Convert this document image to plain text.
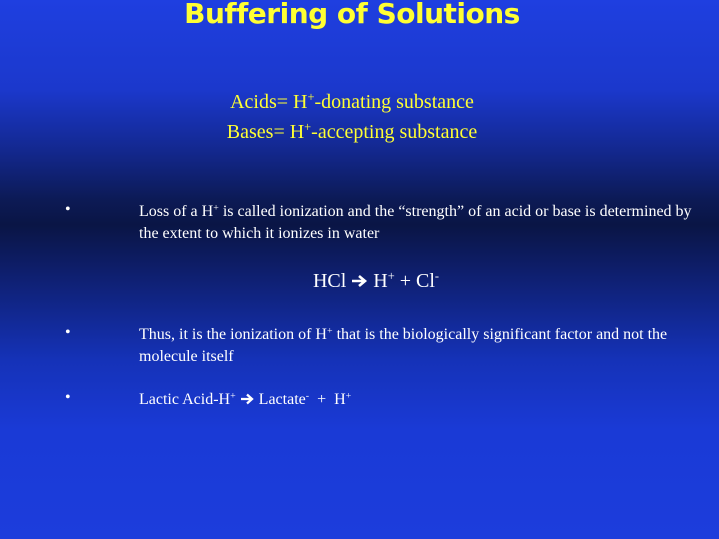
Buffering of Solutions
Acids= H+-donating substance
Bases= H+-accepting substance
•	Loss of a H+ is called ionization and the “strength” of an acid or base is determined by the extent to which it ionizes in water
HCl H+ + Cl-
•	Thus, it is the ionization of H+ that is the biologically significant factor and not the molecule itself
•	Lactic Acid-H+ Lactate- + H+
